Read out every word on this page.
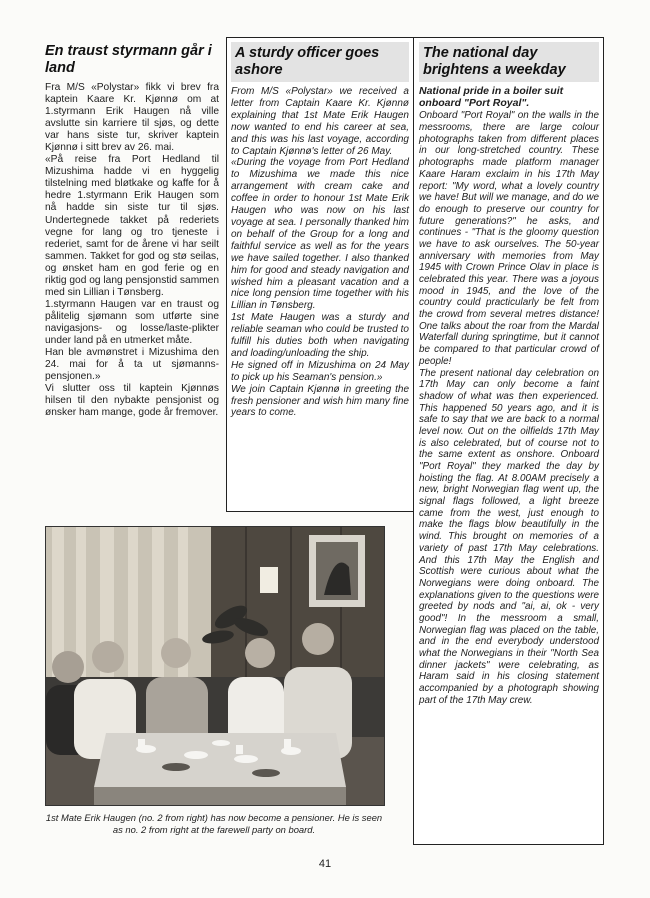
En traust styrmann går i land

Fra M/S «Polystar» fikk vi brev fra kaptein Kaare Kr. Kjønnø om at 1.styrmann Erik Haugen nå ville avslutte sin karriere til sjøs, og dette var hans siste tur, skriver kaptein Kjønnø i sitt brev av 26. mai.

«På reise fra Port Hedland til Mizushima hadde vi en hyggelig tilstelning med bløtkake og kaffe for å hedre 1.styrmann Erik Haugen som nå hadde sin siste tur til sjøs. Undertegnede takket på rederiets vegne for lang og tro tjeneste i rederiet, samt for de årene vi har seilt sammen. Takket for god og stø seilas, og ønsket ham en god ferie og en riktig god og lang pensjonstid sammen med sin Lillian i Tønsberg.

1.styrmann Haugen var en traust og pålitelig sjømann som utførte sine navigasjons- og losse/laste-plikter under land på en utmerket måte.

Han ble avmønstret i Mizushima den 24. mai for å ta ut sjømanns-pensjonen.»

Vi slutter oss til kaptein Kjønnøs hilsen til den nybakte pensjonist og ønsker ham mange, gode år fremover.

A sturdy officer goes ashore

From M/S «Polystar» we received a letter from Captain Kaare Kr. Kjønnø explaining that 1st Mate Erik Haugen now wanted to end his career at sea, and this was his last voyage, according to Captain Kjønnø's letter of 26 May.

«During the voyage from Port Hedland to Mizushima we made this nice arrangement with cream cake and coffee in order to honour 1st Mate Erik Haugen who was now on his last voyage at sea. I personally thanked him on behalf of the Group for a long and faithful service as well as for the years we have sailed together. I also thanked him for good and steady navigation and wished him a pleasant vacation and a nice long pension time together with his Lillian in Tønsberg.

1st Mate Haugen was a sturdy and reliable seaman who could be trusted to fulfill his duties both when navigating and loading/unloading the ship.

He signed off in Mizushima on 24 May to pick up his Seaman's pension.»

We join Captain Kjønnø in greeting the fresh pensioner and wish him many fine years to come.

The national day brightens a weekday

National pride in a boiler suit onboard "Port Royal".

Onboard "Port Royal" on the walls in the messrooms, there are large colour photographs taken from different places in our long-stretched country. These photographs made platform manager Kaare Haram exclaim in his 17th May report: "My word, what a lovely country we have! But will we manage, and do we do enough to preserve our country for future generations?" he asks, and continues - "That is the gloomy question we have to ask ourselves. The 50-year anniversary with memories from May 1945 with Crown Prince Olav in place is celebrated this year. There was a joyous mood in 1945, and the love of the country could practicularly be felt from the crowd from several metres distance! One talks about the roar from the Mardal Waterfall during springtime, but it cannot be compared to that particular crowd of people!

The present national day celebration on 17th May can only become a faint shadow of what was then experienced. This happened 50 years ago, and it is safe to say that we are back to a normal level now. Out on the oilfields 17th May is also celebrated, but of course not to the same extent as onshore. Onboard "Port Royal" they marked the day by hoisting the flag. At 8.00AM precisely a new, bright Norwegian flag went up, the signal flags followed, a light breeze came from the west, just enough to make the flags blow beautifully in the wind. This brought on memories of a variety of past 17th May celebrations. And this 17th May the English and Scottish were curious about what the Norwegians were doing onboard. The explanations given to the questions were greeted by nods and "ai, ai, ok - very good"! In the messroom a small, Norwegian flag was placed on the table, and in the end everybody understood what the Norwegians in their "North Sea dinner jackets" were celebrating, as Haram said in his closing statement accompanied by a photograph showing part of the 17th May crew.

1st Mate Erik Haugen (no. 2 from right) has now become a pensioner. He is seen as no. 2 from right at the farewell party on board.
41
